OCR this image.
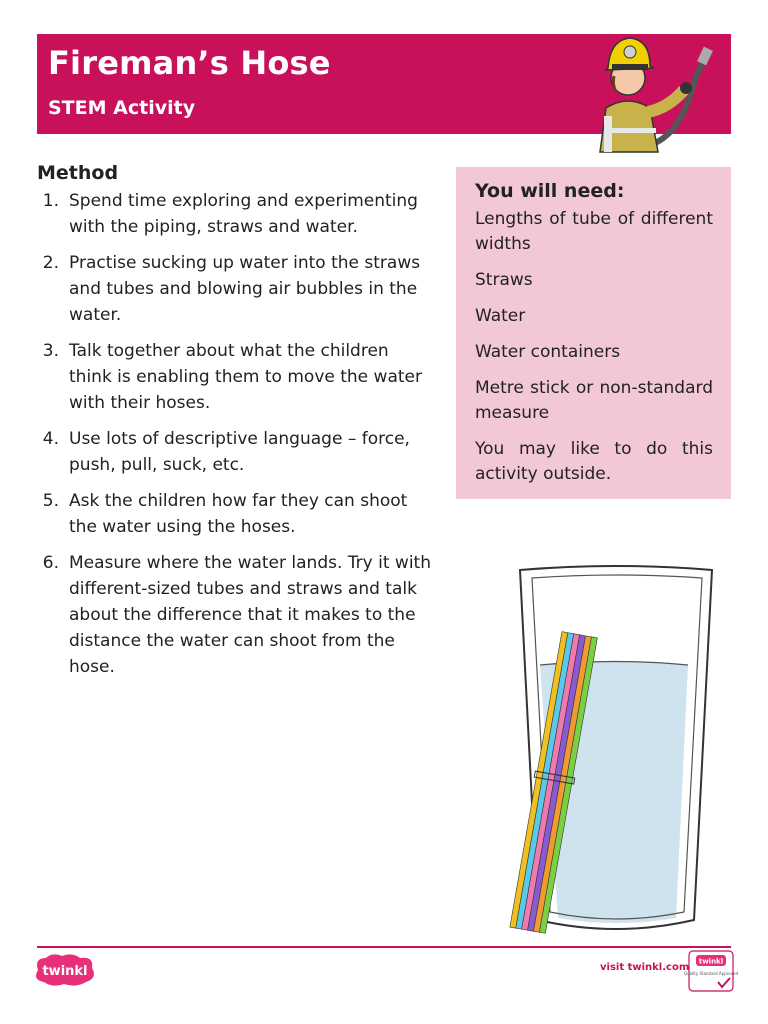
Fireman’s Hose
STEM Activity
Method
1. Spend time exploring and experimenting with the piping, straws and water.
2. Practise sucking up water into the straws and tubes and blowing air bubbles in the water.
3. Talk together about what the children think is enabling them to move the water with their hoses.
4. Use lots of descriptive language – force, push, pull, suck, etc.
5. Ask the children how far they can shoot the water using the hoses.
6. Measure where the water lands. Try it with different-sized tubes and straws and talk about the difference that it makes to the distance the water can shoot from the hose.
You will need:
Lengths of tube of different widths
Straws
Water
Water containers
Metre stick or non-standard measure
You may like to do this activity outside.
twinkl	visit twinkl.com
twinkl
Quality Standard Approved
